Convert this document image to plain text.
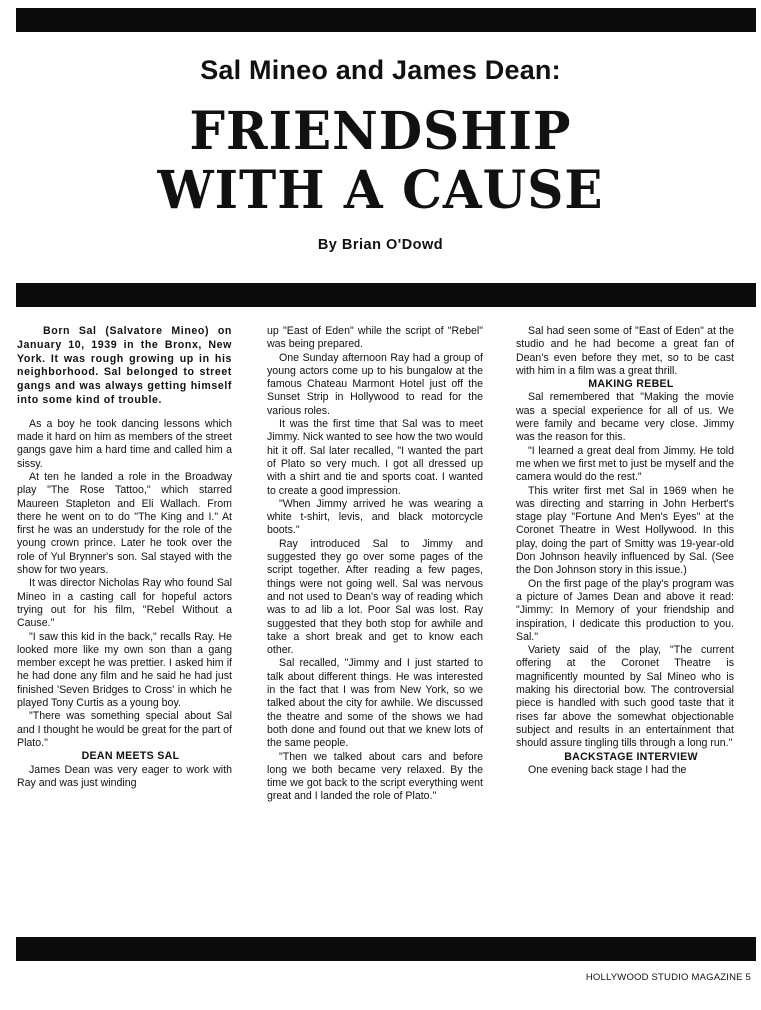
Sal Mineo and James Dean:
FRIENDSHIP
WITH A CAUSE
By Brian O'Dowd

Born Sal (Salvatore Mineo) on January 10, 1939 in the Bronx, New York. It was rough growing up in his neighborhood. Sal belonged to street gangs and was always getting himself into some kind of trouble.

As a boy he took dancing lessons which made it hard on him as members of the street gangs gave him a hard time and called him a sissy.

At ten he landed a role in the Broadway play "The Rose Tattoo," which starred Maureen Stapleton and Eli Wallach. From there he went on to do "The King and I." At first he was an understudy for the role of the young crown prince. Later he took over the role of Yul Brynner's son. Sal stayed with the show for two years.

It was director Nicholas Ray who found Sal Mineo in a casting call for hopeful actors trying out for his film, "Rebel Without a Cause."

"I saw this kid in the back," recalls Ray. He looked more like my own son than a gang member except he was prettier. I asked him if he had done any film and he said he had just finished 'Seven Bridges to Cross' in which he played Tony Curtis as a young boy.

"There was something special about Sal and I thought he would be great for the part of Plato."

DEAN MEETS SAL

James Dean was very eager to work with Ray and was just winding

up "East of Eden" while the script of "Rebel" was being prepared.

One Sunday afternoon Ray had a group of young actors come up to his bungalow at the famous Chateau Marmont Hotel just off the Sunset Strip in Hollywood to read for the various roles.

It was the first time that Sal was to meet Jimmy. Nick wanted to see how the two would hit it off. Sal later recalled, "I wanted the part of Plato so very much. I got all dressed up with a shirt and tie and sports coat. I wanted to create a good impression.

"When Jimmy arrived he was wearing a white t-shirt, levis, and black motorcycle boots."

Ray introduced Sal to Jimmy and suggested they go over some pages of the script together. After reading a few pages, things were not going well. Sal was nervous and not used to Dean's way of reading which was to ad lib a lot. Poor Sal was lost. Ray suggested that they both stop for awhile and take a short break and get to know each other.

Sal recalled, "Jimmy and I just started to talk about different things. He was interested in the fact that I was from New York, so we talked about the city for awhile. We discussed the theatre and some of the shows we had both done and found out that we knew lots of the same people.

"Then we talked about cars and before long we both became very relaxed. By the time we got back to the script everything went great and I landed the role of Plato."

Sal had seen some of "East of Eden" at the studio and he had become a great fan of Dean's even before they met, so to be cast with him in a film was a great thrill.

MAKING REBEL

Sal remembered that "Making the movie was a special experience for all of us. We were family and became very close. Jimmy was the reason for this.

"I learned a great deal from Jimmy. He told me when we first met to just be myself and the camera would do the rest."

This writer first met Sal in 1969 when he was directing and starring in John Herbert's stage play "Fortune And Men's Eyes" at the Coronet Theatre in West Hollywood. In this play, doing the part of Smitty was 19-year-old Don Johnson heavily influenced by Sal. (See the Don Johnson story in this issue.)

On the first page of the play's program was a picture of James Dean and above it read: "Jimmy: In Memory of your friendship and inspiration, I dedicate this production to you. Sal."

Variety said of the play, "The current offering at the Coronet Theatre is magnificently mounted by Sal Mineo who is making his directorial bow. The controversial piece is handled with such good taste that it rises far above the somewhat objectionable subject and results in an entertainment that should assure tingling tills through a long run."

BACKSTAGE INTERVIEW

One evening back stage I had the

HOLLYWOOD STUDIO MAGAZINE 5
